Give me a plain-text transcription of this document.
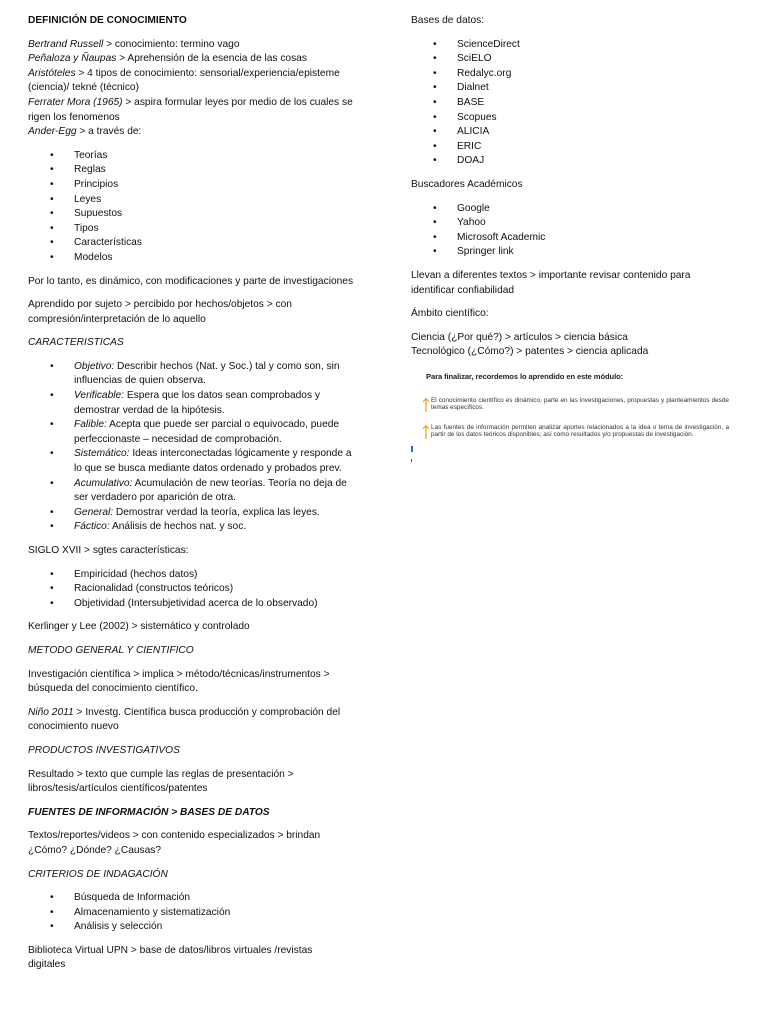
DEFINICIÓN DE CONOCIMIENTO

Bertrand Russell > conocimiento: termino vago
Peñaloza y Ñaupas > Aprehensión de la esencia de las cosas
Aristóteles > 4 tipos de conocimiento: sensorial/experiencia/episteme (ciencia)/ tekné (técnico)
Ferrater Mora (1965) > aspira formular leyes por medio de los cuales se rigen los fenomenos
Ander-Egg > a través de:

• Teorías
• Reglas
• Principios
• Leyes
• Supuestos
• Tipos
• Características
• Modelos

Por lo tanto, es dinámico, con modificaciones y parte de investigaciones

Aprendido por sujeto > percibido por hechos/objetos > con
compresión/interpretación de lo aquello

CARACTERISTICAS

• Objetivo: Describir hechos (Nat. y Soc.) tal y como son, sin
influencias de quien observa.
• Verificable: Espera que los datos sean comprobados y
demostrar verdad de la hipótesis.
• Falible: Acepta que puede ser parcial o equivocado, puede
perfeccionaste – necesidad de comprobación.
• Sistemático: Ideas interconectadas lógicamente y responde a
lo que se busca mediante datos ordenado y probados prev.
• Acumulativo: Acumulación de new teorías. Teoría no deja de
ser verdadero por aparición de otra.
• General: Demostrar verdad la teoría, explica las leyes.
• Fáctico: Análisis de hechos nat. y soc.

SIGLO XVII > sgtes características:

• Empiricidad (hechos datos)
• Racionalidad (constructos teóricos)
• Objetividad (Intersubjetividad acerca de lo observado)

Kerlinger y Lee (2002) > sistemático y controlado

METODO GENERAL Y CIENTIFICO

Investigación científica > implica > método/técnicas/instrumentos >
búsqueda del conocimiento científico.

Niño 2011 > Investg. Científica busca producción y comprobación del
conocimiento nuevo

PRODUCTOS INVESTIGATIVOS

Resultado > texto que cumple las reglas de presentación >
libros/tesis/artículos científicos/patentes

FUENTES DE INFORMACIÓN > BASES DE DATOS

Textos/reportes/videos > con contenido especializados > brindan
¿Cómo? ¿Dónde? ¿Causas?

CRITERIOS DE INDAGACIÓN

• Búsqueda de Información
• Almacenamiento y sistematización
• Análisis y selección

Biblioteca Virtual UPN > base de datos/libros virtuales /revistas
digitales

Bases de datos:

• ScienceDirect
• SciELO
• Redalyc.org
• Dialnet
• BASE
• Scopues
• ALICIA
• ERIC
• DOAJ

Buscadores Académicos

• Google
• Yahoo
• Microsoft Academic
• Springer link

Llevan a diferentes textos > importante revisar contenido para
identificar confiabilidad

Ámbito científico:

Ciencia (¿Por qué?) > artículos > ciencia básica
Tecnológico (¿Cómo?) > patentes > ciencia aplicada

Para finalizar, recordemos lo aprendido en este módulo:
El conocimiento científico es dinámico, parte en las investigaciones, propuestas y planteamientos desde temas específicos.
Las fuentes de información permiten analizar aportes relacionados a la idea o tema de investigación, a partir de los datos teóricos disponibles; así como resultados y/o propuestas de investigación.
